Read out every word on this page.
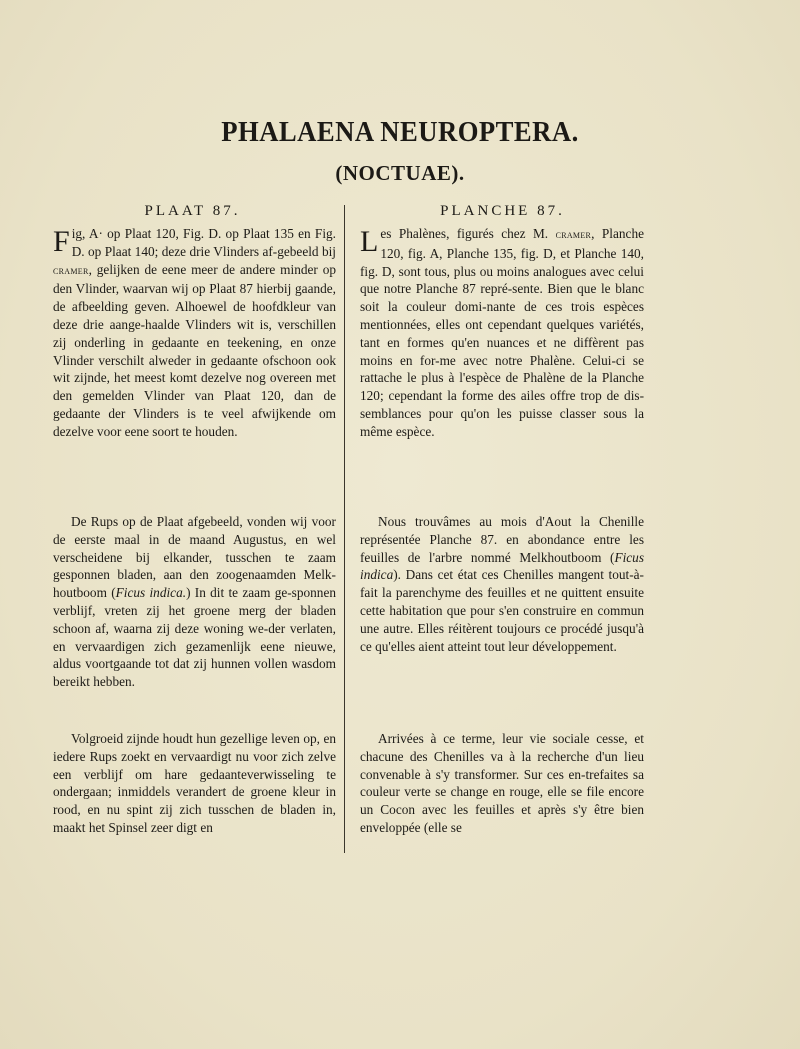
PHALAENA NEUROPTERA.
(NOCTUAE).
PLAAT 87.

Fig, A· op Plaat 120, Fig. D. op Plaat 135 en Fig. D. op Plaat 140; deze drie Vlinders af-gebeeld bij cramer, gelijken de eene meer de andere minder op den Vlinder, waarvan wij op Plaat 87 hierbij gaande, de afbeelding geven. Alhoewel de hoofdkleur van deze drie aange-haalde Vlinders wit is, verschillen zij onderling in gedaante en teekening, en onze Vlinder verschilt alweder in gedaante ofschoon ook wit zijnde, het meest komt dezelve nog overeen met den gemelden Vlinder van Plaat 120, dan de gedaante der Vlinders is te veel afwijkende om dezelve voor eene soort te houden.

De Rups op de Plaat afgebeeld, vonden wij voor de eerste maal in de maand Augustus, en wel verscheidene bij elkander, tusschen te zaam gesponnen bladen, aan den zoogenaamden Melk-houtboom (Ficus indica.) In dit te zaam ge-sponnen verblijf, vreten zij het groene merg der bladen schoon af, waarna zij deze woning we-der verlaten, en vervaardigen zich gezamenlijk eene nieuwe, aldus voortgaande tot dat zij hunnen vollen wasdom bereikt hebben.

Volgroeid zijnde houdt hun gezellige leven op, en iedere Rups zoekt en vervaardigt nu voor zich zelve een verblijf om hare gedaanteverwisseling te ondergaan; inmiddels verandert de groene kleur in rood, en nu spint zij zich tusschen de bladen in, maakt het Spinsel zeer digt en

PLANCHE 87.

Les Phalènes, figurés chez M. cramer, Planche 120, fig. A, Planche 135, fig. D, et Planche 140, fig. D, sont tous, plus ou moins analogues avec celui que notre Planche 87 repré-sente. Bien que le blanc soit la couleur domi-nante de ces trois espèces mentionnées, elles ont cependant quelques variétés, tant en formes qu'en nuances et ne diffèrent pas moins en for-me avec notre Phalène. Celui-ci se rattache le plus à l'espèce de Phalène de la Planche 120; cependant la forme des ailes offre trop de dis-semblances pour qu'on les puisse classer sous la même espèce.

Nous trouvâmes au mois d'Aout la Chenille représentée Planche 87. en abondance entre les feuilles de l'arbre nommé Melkhoutboom (Ficus indica). Dans cet état ces Chenilles mangent tout-à-fait la parenchyme des feuilles et ne quittent ensuite cette habitation que pour s'en construire en commun une autre. Elles réitèrent toujours ce procédé jusqu'à ce qu'elles aient atteint tout leur développement.

Arrivées à ce terme, leur vie sociale cesse, et chacune des Chenilles va à la recherche d'un lieu convenable à s'y transformer. Sur ces en-trefaites sa couleur verte se change en rouge, elle se file encore un Cocon avec les feuilles et après s'y être bien enveloppée (elle se
